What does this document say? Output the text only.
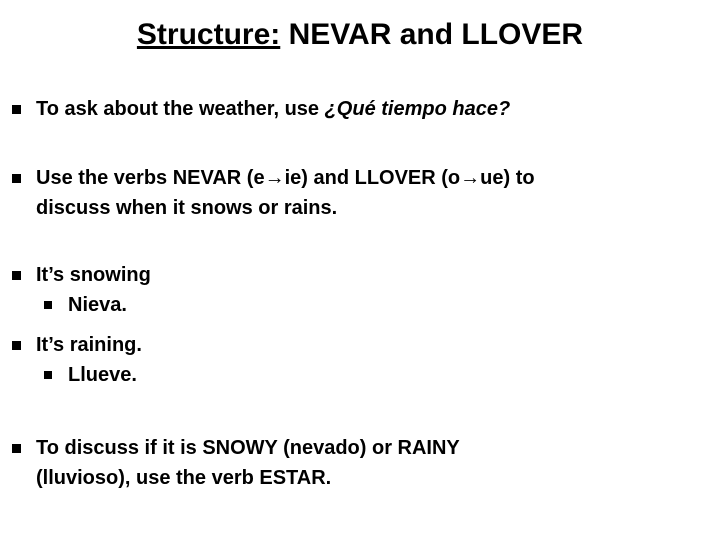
Structure: NEVAR and LLOVER
To ask about the weather, use ¿Qué tiempo hace?
Use the verbs NEVAR (e→ie) and LLOVER (o→ue) to
discuss when it snows or rains.
It’s snowing
Nieva.
It’s raining.
Llueve.
To discuss if it is SNOWY (nevado) or RAINY
(lluvioso), use the verb ESTAR.
